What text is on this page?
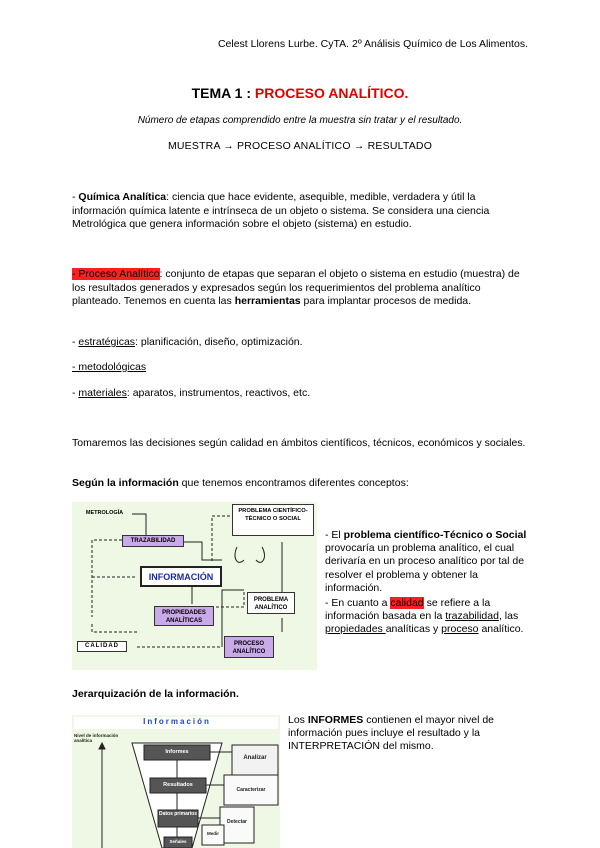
Celest Llorens Lurbe. CyTA. 2º Análisis Químico de Los Alimentos.
TEMA 1 : PROCESO ANALÍTICO.
Número de etapas comprendido entre la muestra sin tratar y el resultado.
MUESTRA → PROCESO ANALÍTICO → RESULTADO
- Química Analítica: ciencia que hace evidente, asequible, medible, verdadera y útil la información química latente e intrínseca de un objeto o sistema. Se considera una ciencia Metrológica que genera información sobre el objeto (sistema) en estudio.
- Proceso Analítico: conjunto de etapas que separan el objeto o sistema en estudio (muestra) de los resultados generados y expresados según los requerimientos del problema analítico planteado. Tenemos en cuenta las herramientas para implantar procesos de medida.
- estratégicas: planificación, diseño, optimización.
- metodológicas
- materiales: aparatos, instrumentos, reactivos, etc.
Tomaremos las decisiones según calidad en ámbitos científicos, técnicos, económicos y sociales.
Según la información que tenemos encontramos diferentes conceptos:
METROLOGÍA
TRAZABILIDAD
PROBLEMA CIENTÍFICO-TÉCNICO O SOCIAL
INFORMACIÓN
PROBLEMA ANALÍTICO
PROPIEDADES ANALÍTICAS
CALIDAD	PROCESO ANALÍTICO
- El problema científico-Técnico o Social provocaría un problema analítico, el cual derivaría en un proceso analítico por tal de resolver el problema y obtener la información.
- En cuanto a calidad se refiere a la información basada en la trazabilidad, las propiedades analíticas y proceso analítico.
Jerarquización de la información.
Información
Nivel de información analítica
Informes
Resultados
Datos primarios
Señales
Analizar
Caracterizar
Detectar
Medir
Los INFORMES contienen el mayor nivel de información pues incluye el resultado y la INTERPRETACIÓN del mismo.
